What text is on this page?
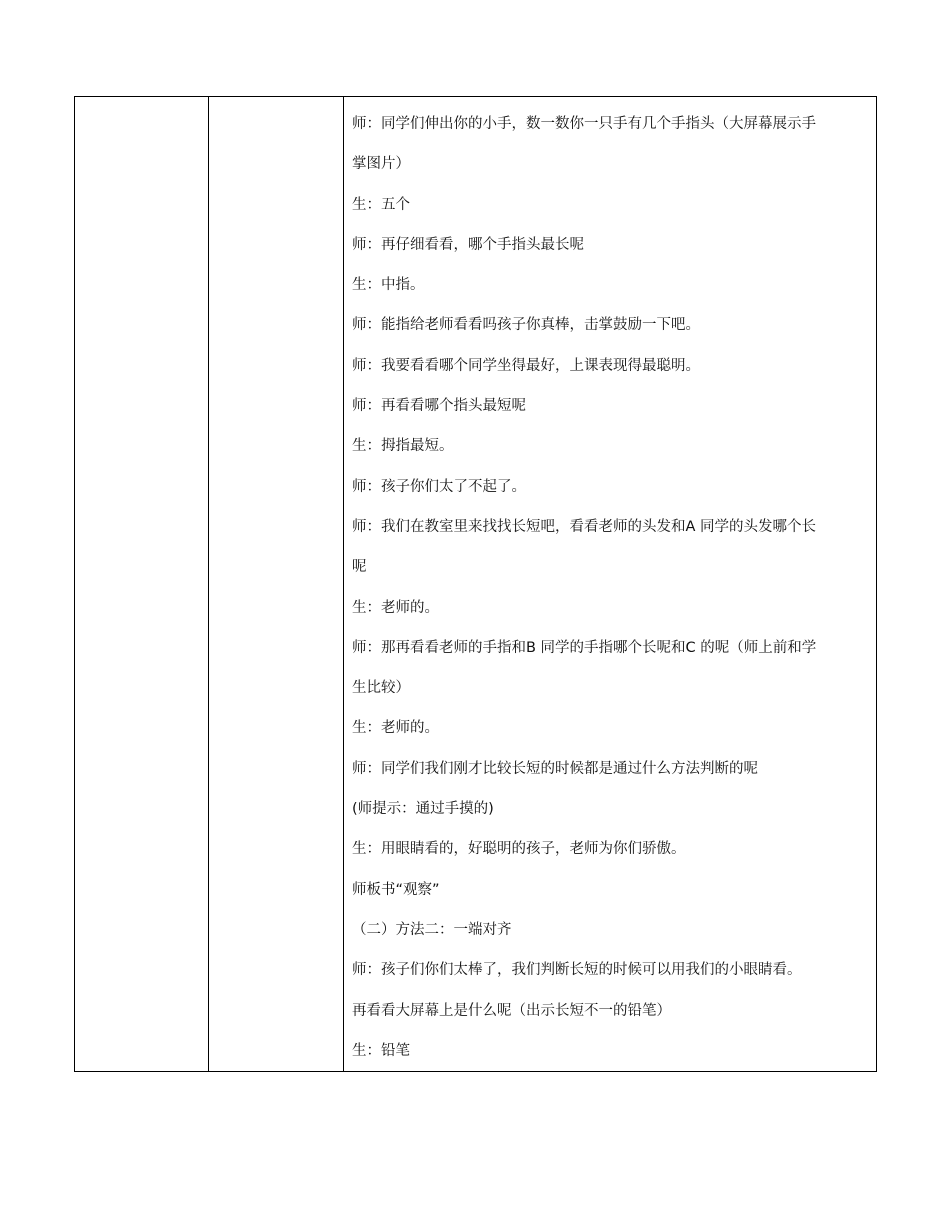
师：同学们伸出你的小手，数一数你一只手有几个手指头（大屏幕展示手
掌图片）
生：五个
师：再仔细看看，哪个手指头最长呢
生：中指。
师：能指给老师看看吗孩子你真棒，击掌鼓励一下吧。
师：我要看看哪个同学坐得最好，上课表现得最聪明。
师：再看看哪个指头最短呢
生：拇指最短。
师：孩子你们太了不起了。
师：我们在教室里来找找长短吧，看看老师的头发和A 同学的头发哪个长
呢
生：老师的。
师：那再看看老师的手指和B 同学的手指哪个长呢和C 的呢（师上前和学
生比较）
生：老师的。
师：同学们我们刚才比较长短的时候都是通过什么方法判断的呢
(师提示：通过手摸的)
生：用眼睛看的，好聪明的孩子，老师为你们骄傲。
师板书“观察”
（二）方法二：一端对齐
师：孩子们你们太棒了，我们判断长短的时候可以用我们的小眼睛看。
再看看大屏幕上是什么呢（出示长短不一的铅笔）
生：铅笔
